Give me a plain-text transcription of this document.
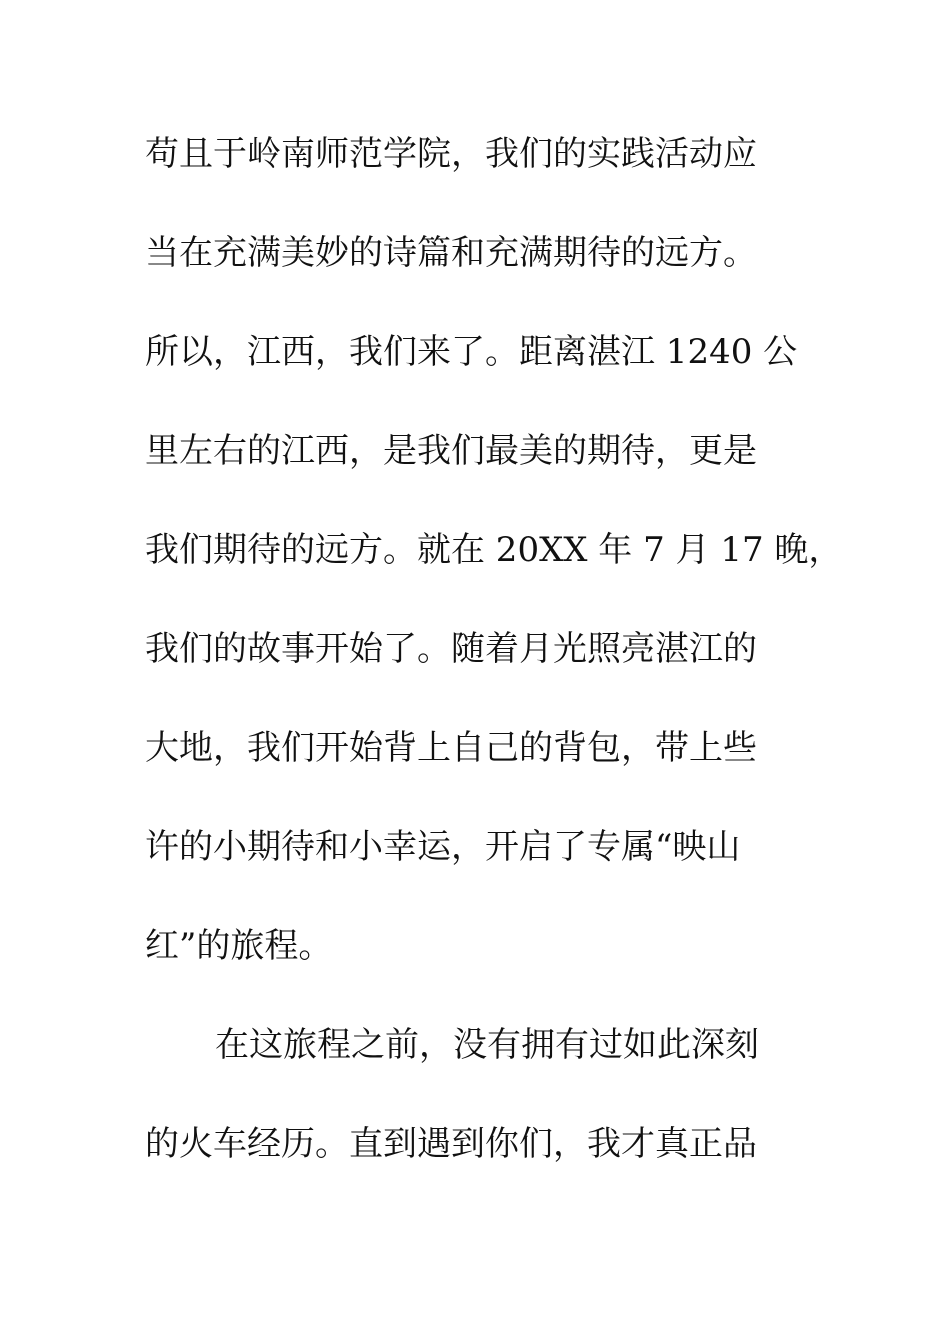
苟且于岭南师范学院，我们的实践活动应
当在充满美妙的诗篇和充满期待的远方。
所以，江西，我们来了。距离湛江 1240 公
里左右的江西，是我们最美的期待，更是
我们期待的远方。就在 20XX 年 7 月 17 晚，
我们的故事开始了。随着月光照亮湛江的
大地，我们开始背上自己的背包，带上些
许的小期待和小幸运，开启了专属“映山
红”的旅程。
在这旅程之前，没有拥有过如此深刻
的火车经历。直到遇到你们，我才真正品
